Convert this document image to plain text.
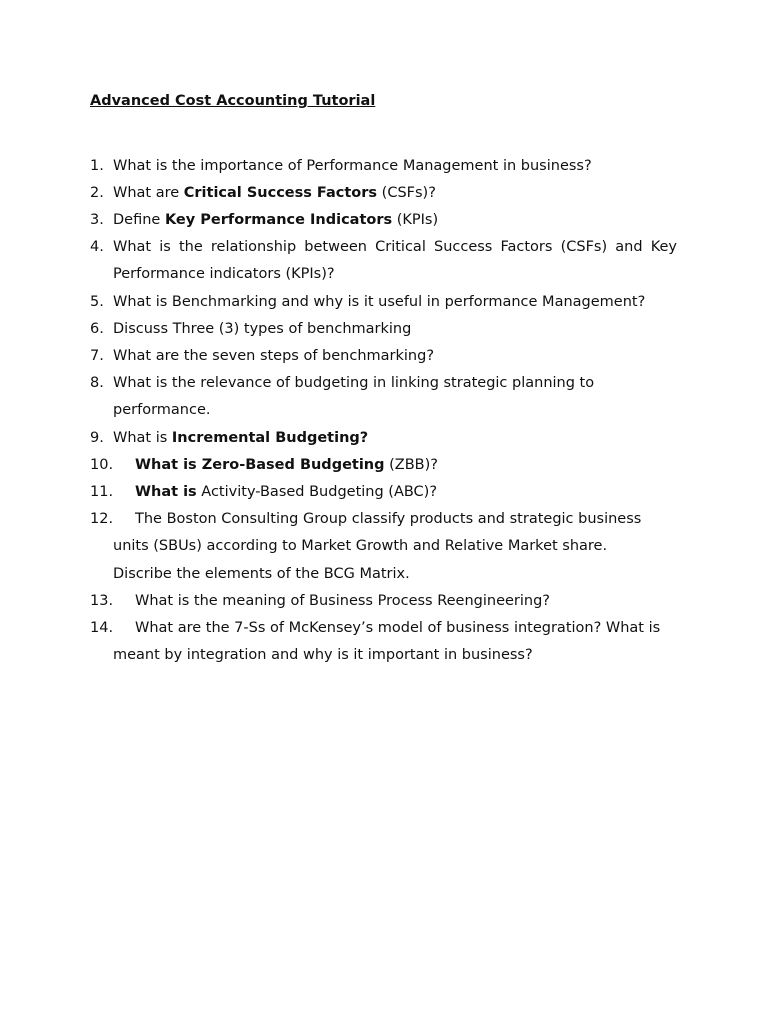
Advanced Cost Accounting Tutorial
1. What is the importance of Performance Management in business?
2. What are Critical Success Factors (CSFs)?
3. Define Key Performance Indicators (KPIs)
4. What is the relationship between Critical Success Factors (CSFs) and Key Performance indicators (KPIs)?
5. What is Benchmarking and why is it useful in performance Management?
6. Discuss Three (3) types of benchmarking
7. What are the seven steps of benchmarking?
8. What is the relevance of budgeting in linking strategic planning to performance.
9. What is Incremental Budgeting?
10. What is Zero-Based Budgeting (ZBB)?
11. What is Activity-Based Budgeting (ABC)?
12. The Boston Consulting Group classify products and strategic business units (SBUs) according to Market Growth and Relative Market share. Discribe the elements of the BCG Matrix.
13. What is the meaning of Business Process Reengineering?
14. What are the 7-Ss of McKensey’s model of business integration? What is meant by integration and why is it important in business?
